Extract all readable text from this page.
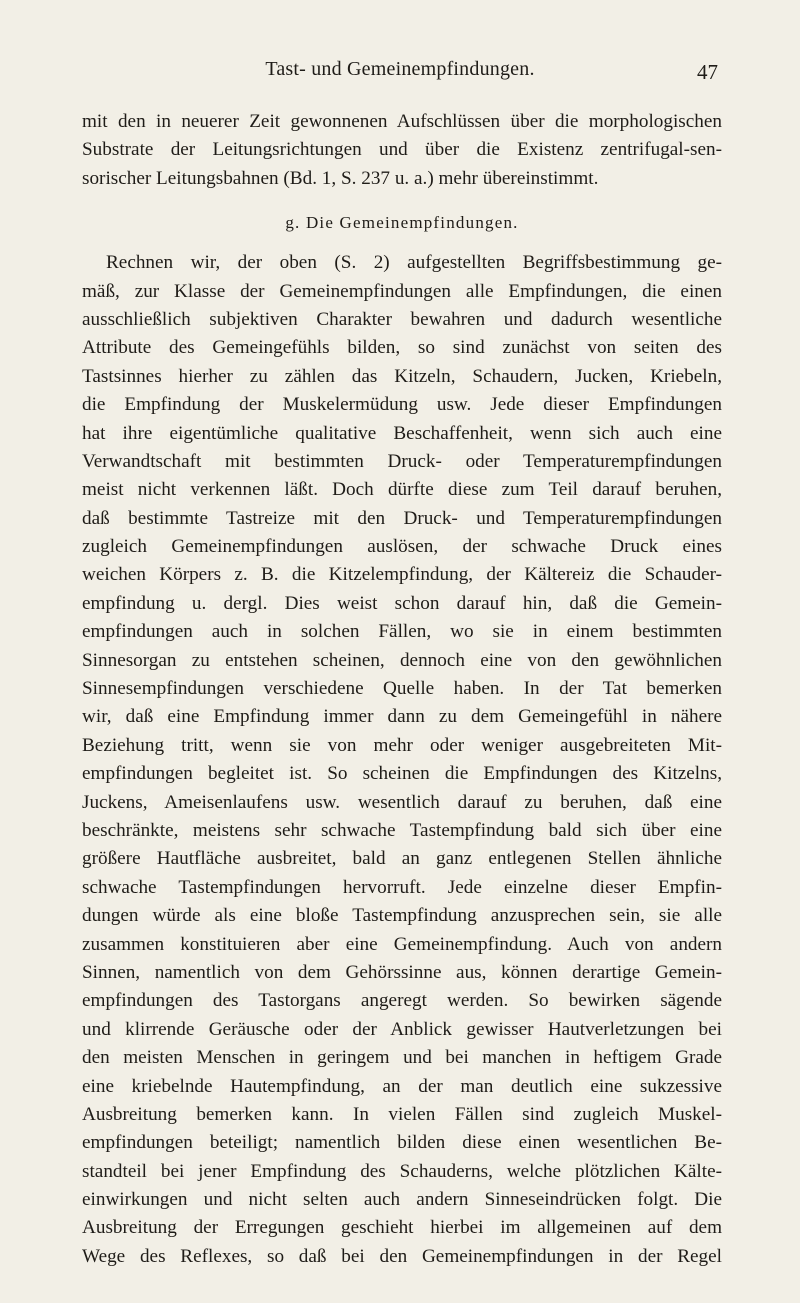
Tast- und Gemeinempfindungen.	47
mit den in neuerer Zeit gewonnenen Aufschlüssen über die morphologischen
Substrate der Leitungsrichtungen und über die Existenz zentrifugal-sen-
sorischer Leitungsbahnen (Bd. 1, S. 237 u. a.) mehr übereinstimmt.
g. Die Gemeinempfindungen.
Rechnen wir, der oben (S. 2) aufgestellten Begriffsbestimmung ge-
mäß, zur Klasse der Gemeinempfindungen alle Empfindungen, die einen
ausschließlich subjektiven Charakter bewahren und dadurch wesentliche
Attribute des Gemeingefühls bilden, so sind zunächst von seiten des
Tastsinnes hierher zu zählen das Kitzeln, Schaudern, Jucken, Kriebeln,
die Empfindung der Muskelermüdung usw. Jede dieser Empfindungen
hat ihre eigentümliche qualitative Beschaffenheit, wenn sich auch eine
Verwandtschaft mit bestimmten Druck- oder Temperaturempfindungen
meist nicht verkennen läßt. Doch dürfte diese zum Teil darauf beruhen,
daß bestimmte Tastreize mit den Druck- und Temperaturempfindungen
zugleich Gemeinempfindungen auslösen, der schwache Druck eines
weichen Körpers z. B. die Kitzelempfindung, der Kältereiz die Schauder-
empfindung u. dergl. Dies weist schon darauf hin, daß die Gemein-
empfindungen auch in solchen Fällen, wo sie in einem bestimmten
Sinnesorgan zu entstehen scheinen, dennoch eine von den gewöhnlichen
Sinnesempfindungen verschiedene Quelle haben. In der Tat bemerken
wir, daß eine Empfindung immer dann zu dem Gemeingefühl in nähere
Beziehung tritt, wenn sie von mehr oder weniger ausgebreiteten Mit-
empfindungen begleitet ist. So scheinen die Empfindungen des Kitzelns,
Juckens, Ameisenlaufens usw. wesentlich darauf zu beruhen, daß eine
beschränkte, meistens sehr schwache Tastempfindung bald sich über eine
größere Hautfläche ausbreitet, bald an ganz entlegenen Stellen ähnliche
schwache Tastempfindungen hervorruft. Jede einzelne dieser Empfin-
dungen würde als eine bloße Tastempfindung anzusprechen sein, sie alle
zusammen konstituieren aber eine Gemeinempfindung. Auch von andern
Sinnen, namentlich von dem Gehörssinne aus, können derartige Gemein-
empfindungen des Tastorgans angeregt werden. So bewirken sägende
und klirrende Geräusche oder der Anblick gewisser Hautverletzungen bei
den meisten Menschen in geringem und bei manchen in heftigem Grade
eine kriebelnde Hautempfindung, an der man deutlich eine sukzessive
Ausbreitung bemerken kann. In vielen Fällen sind zugleich Muskel-
empfindungen beteiligt; namentlich bilden diese einen wesentlichen Be-
standteil bei jener Empfindung des Schauderns, welche plötzlichen Kälte-
einwirkungen und nicht selten auch andern Sinneseindrücken folgt. Die
Ausbreitung der Erregungen geschieht hierbei im allgemeinen auf dem
Wege des Reflexes, so daß bei den Gemeinempfindungen in der Regel
